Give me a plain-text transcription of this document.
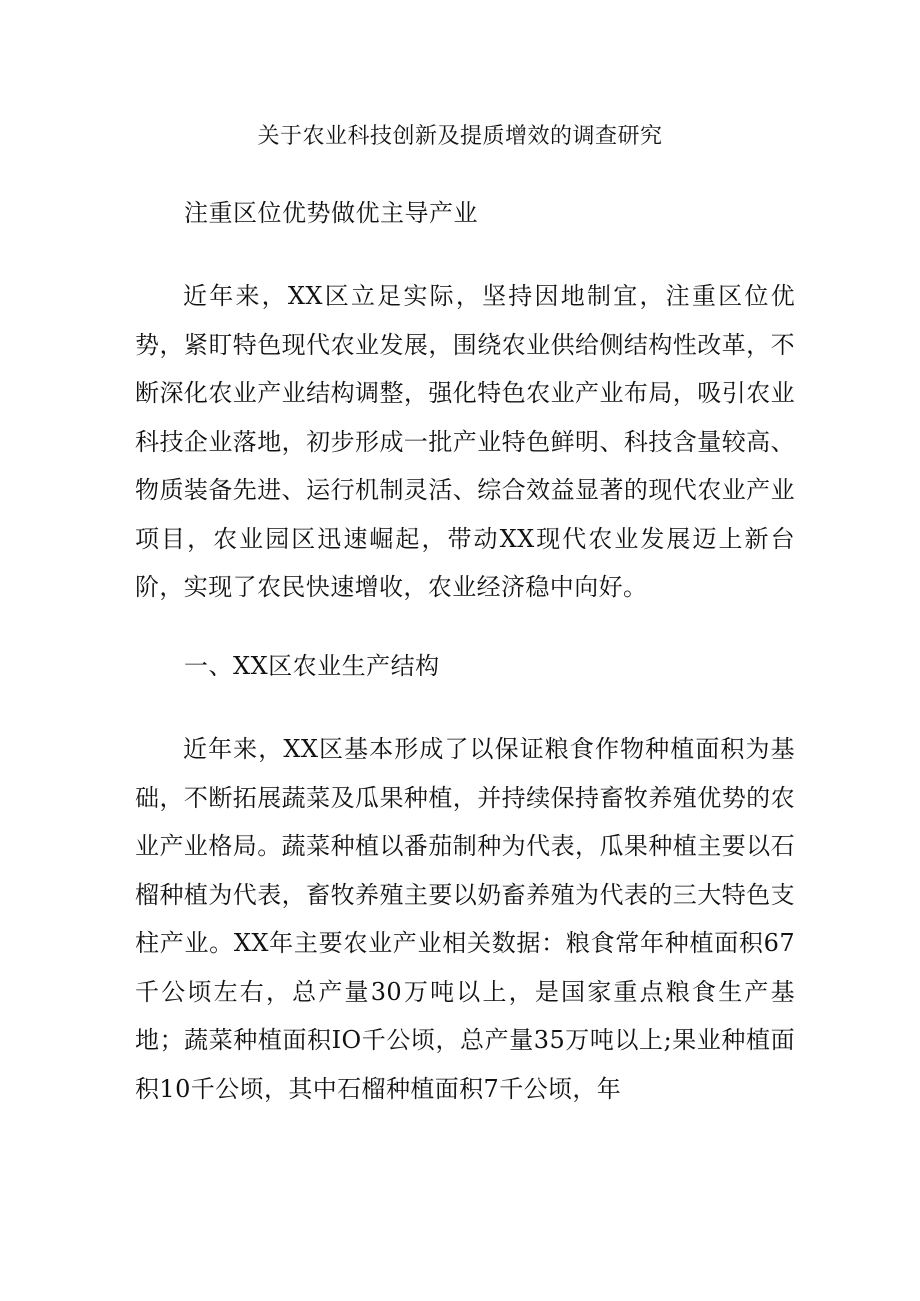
关于农业科技创新及提质增效的调查研究
注重区位优势做优主导产业

近年来，XX区立足实际，坚持因地制宜，注重区位优势，紧盯特色现代农业发展，围绕农业供给侧结构性改革，不断深化农业产业结构调整，强化特色农业产业布局，吸引农业科技企业落地，初步形成一批产业特色鲜明、科技含量较高、物质装备先进、运行机制灵活、综合效益显著的现代农业产业项目，农业园区迅速崛起，带动XX现代农业发展迈上新台阶，实现了农民快速增收，农业经济稳中向好。

一、XX区农业生产结构

近年来，XX区基本形成了以保证粮食作物种植面积为基础，不断拓展蔬菜及瓜果种植，并持续保持畜牧养殖优势的农业产业格局。蔬菜种植以番茄制种为代表，瓜果种植主要以石榴种植为代表，畜牧养殖主要以奶畜养殖为代表的三大特色支柱产业。XX年主要农业产业相关数据：粮食常年种植面积67千公顷左右，总产量30万吨以上，是国家重点粮食生产基地；蔬菜种植面积IO千公顷，总产量35万吨以上;果业种植面积10千公顷，其中石榴种植面积7千公顷，年
